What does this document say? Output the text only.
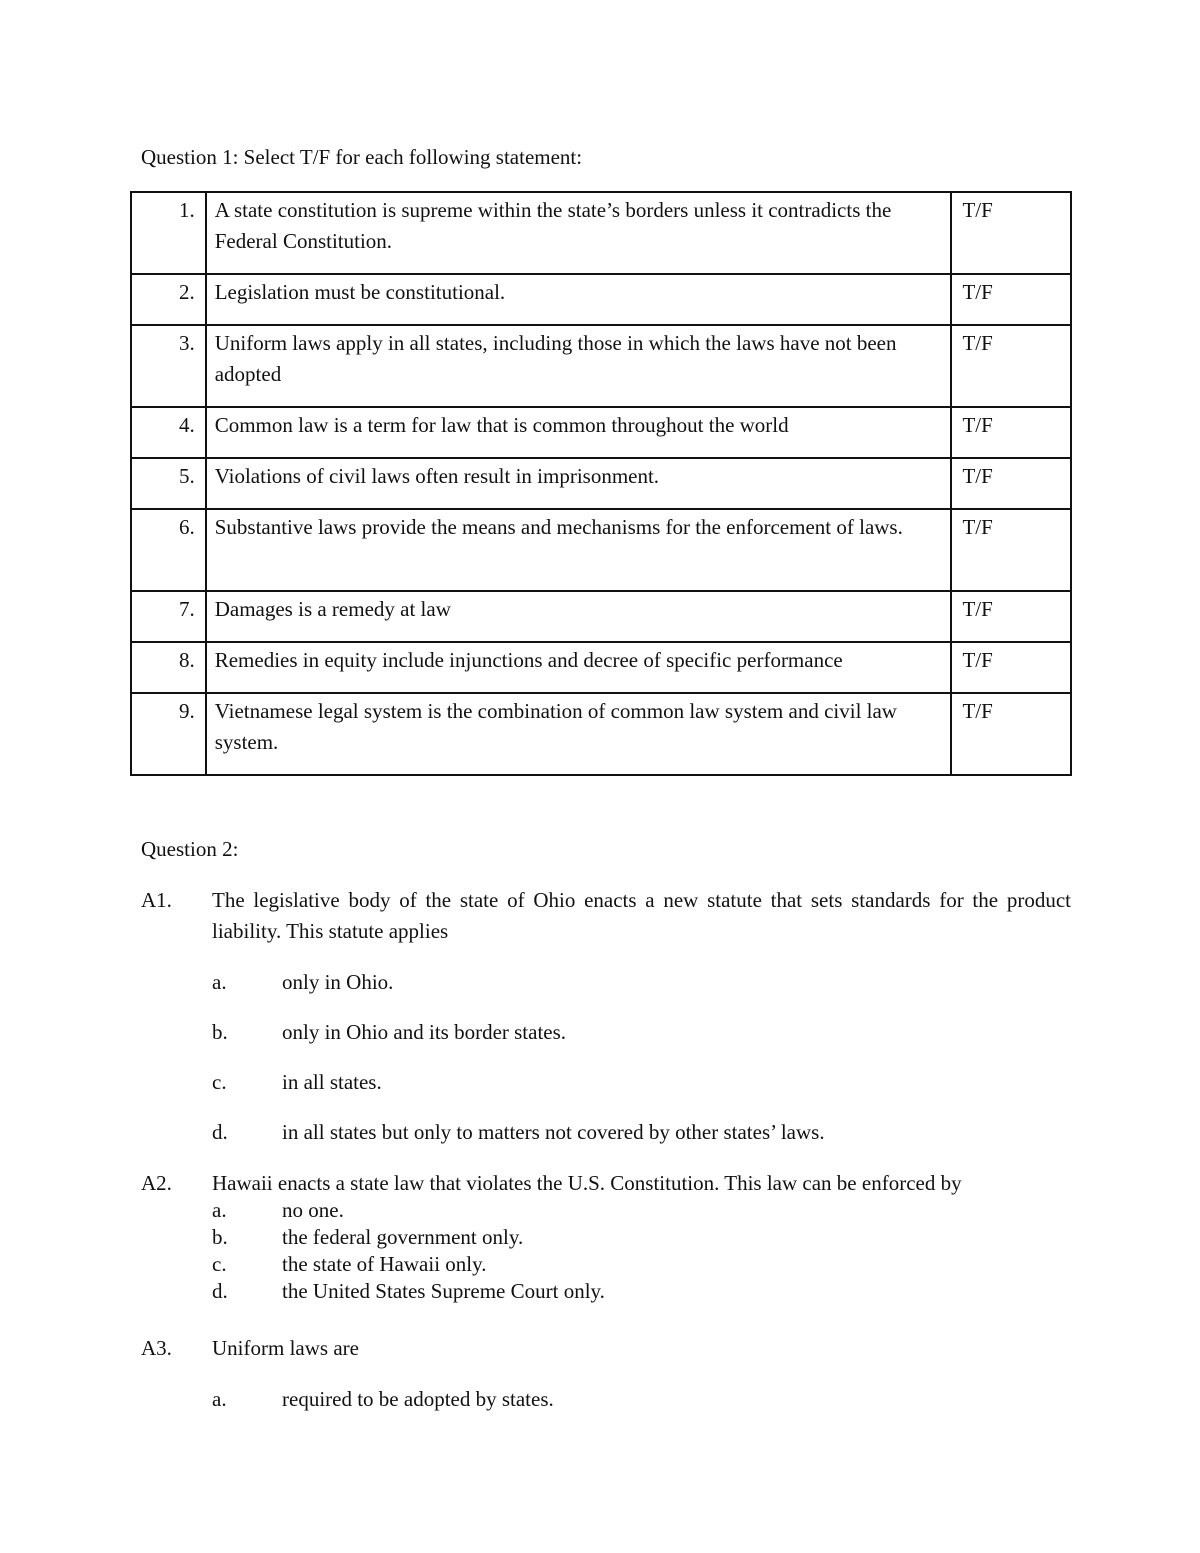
Question 1: Select T/F for each following statement:

1.	A state constitution is supreme within the state’s borders unless it contradicts the Federal Constitution.	T/F
2.	Legislation must be constitutional.	T/F
3.	Uniform laws apply in all states, including those in which the laws have not been adopted	T/F
4.	Common law is a term for law that is common throughout the world	T/F
5.	Violations of civil laws often result in imprisonment.	T/F
6.	Substantive laws provide the means and mechanisms for the enforcement of laws.	T/F
7.	Damages is a remedy at law	T/F
8.	Remedies in equity include injunctions and decree of specific performance	T/F
9.	Vietnamese legal system is the combination of common law system and civil law system.	T/F

Question 2:

A1. The legislative body of the state of Ohio enacts a new statute that sets standards for the product liability. This statute applies
a.	only in Ohio.
b.	only in Ohio and its border states.
c.	in all states.
d.	in all states but only to matters not covered by other states’ laws.
A2. Hawaii enacts a state law that violates the U.S. Constitution. This law can be enforced by
a.	no one.
b.	the federal government only.
c.	the state of Hawaii only.
d.	the United States Supreme Court only.
A3. Uniform laws are
a.	required to be adopted by states.
